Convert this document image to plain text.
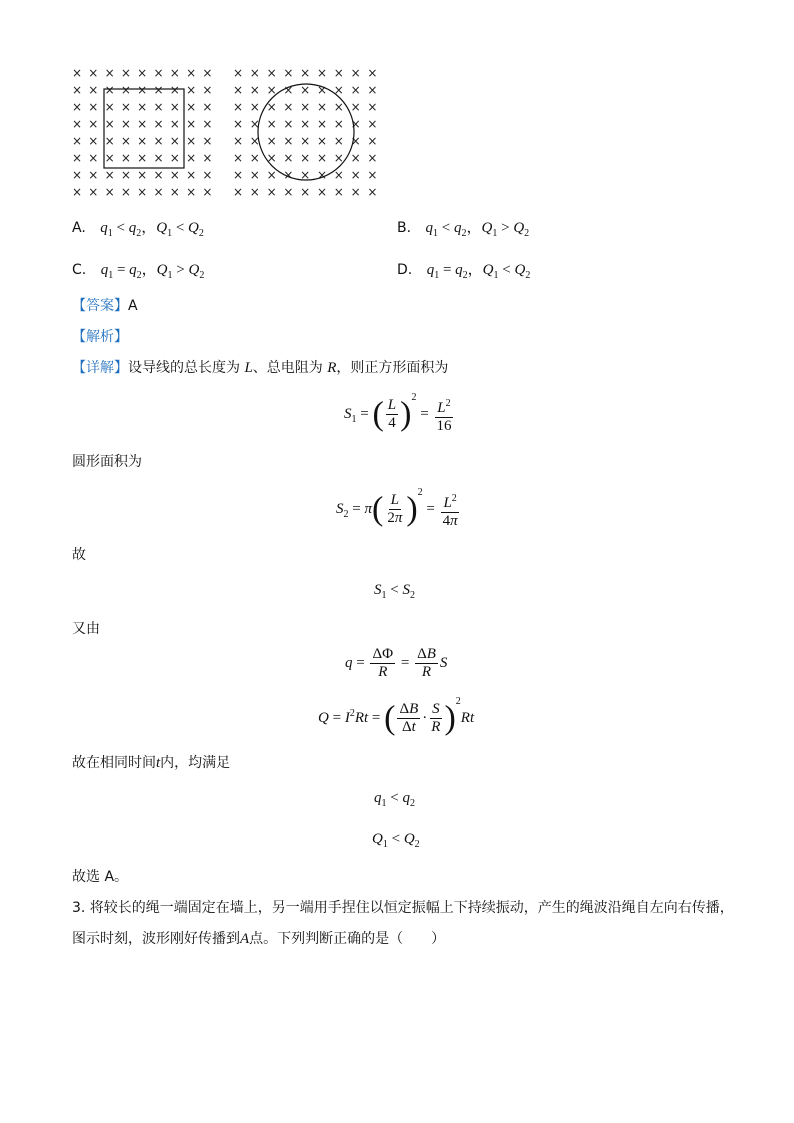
× × × × × × × × × × × × × × × × × ×
× × × × × × × × × × × × × × × × × ×
× × × × × × × × × × × × × × × × × ×
× × × × × × × × × × × × × × × × × ×
× × × × × × × × × × × × × × × × × ×
× × × × × × × × × × × × × × × × × ×
× × × × × × × × × × × × × × × × × ×
× × × × × × × × × × × × × × × × × ×
A. $q_1 < q_2$，$Q_1 < Q_2$	B. $q_1 < q_2$，$Q_1 > Q_2$
C. $q_1 = q_2$，$Q_1 > Q_2$	D. $q_1 = q_2$，$Q_1 < Q_2$
【答案】A
【解析】
【详解】设导线的总长度为 L、总电阻为 R，则正方形面积为
$S_1$ = ( $\frac{L}{4} )^2 = \frac{L^2}{16}$
圆形面积为
$S_2 = \pi( \frac{L}{2\pi} )^2 = \frac{L^2}{4\pi}$
故
$S_1 < S_2$
又由
$q = \frac{\Delta\Phi}{R} = \frac{\Delta B}{R}$ S
$Q = I^2Rt$ = ( $\frac{\Delta B}{\Delta t} \cdot \frac{S}{R} )^2Rt$
故在相同时间t内，均满足
$q_1 < q_2$
$Q_1 < Q_2$
故选 A。
3. 将较长的绳一端固定在墙上，另一端用手捏住以恒定振幅上下持续振动，产生的绳波沿绳自左向右传播，
图示时刻，波形刚好传播到A点。下列判断正确的是（　　）
